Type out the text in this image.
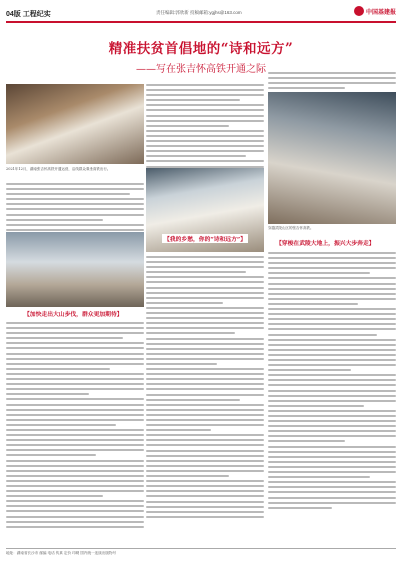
04版 工程纪实	责任编辑:郭欣新 投稿邮箱:ygjhs@163.com	中国基建报
精准扶贫首倡地的“诗和远方”
——写在张吉怀高铁开通之际
2021年12月，湖南张吉怀高铁开通运营，沿线群众乘坐高铁出行。
【加快走出大山步伐，群众更加期待】
【我的乡愁，你的“诗和远方”】
穿越武陵山区的张吉怀高铁。
【穿梭在武陵大地上，振兴大步奔走】
地址：湖南省长沙市 邮编 电话 传真 定价 印刷 国内统一连续出版物号
